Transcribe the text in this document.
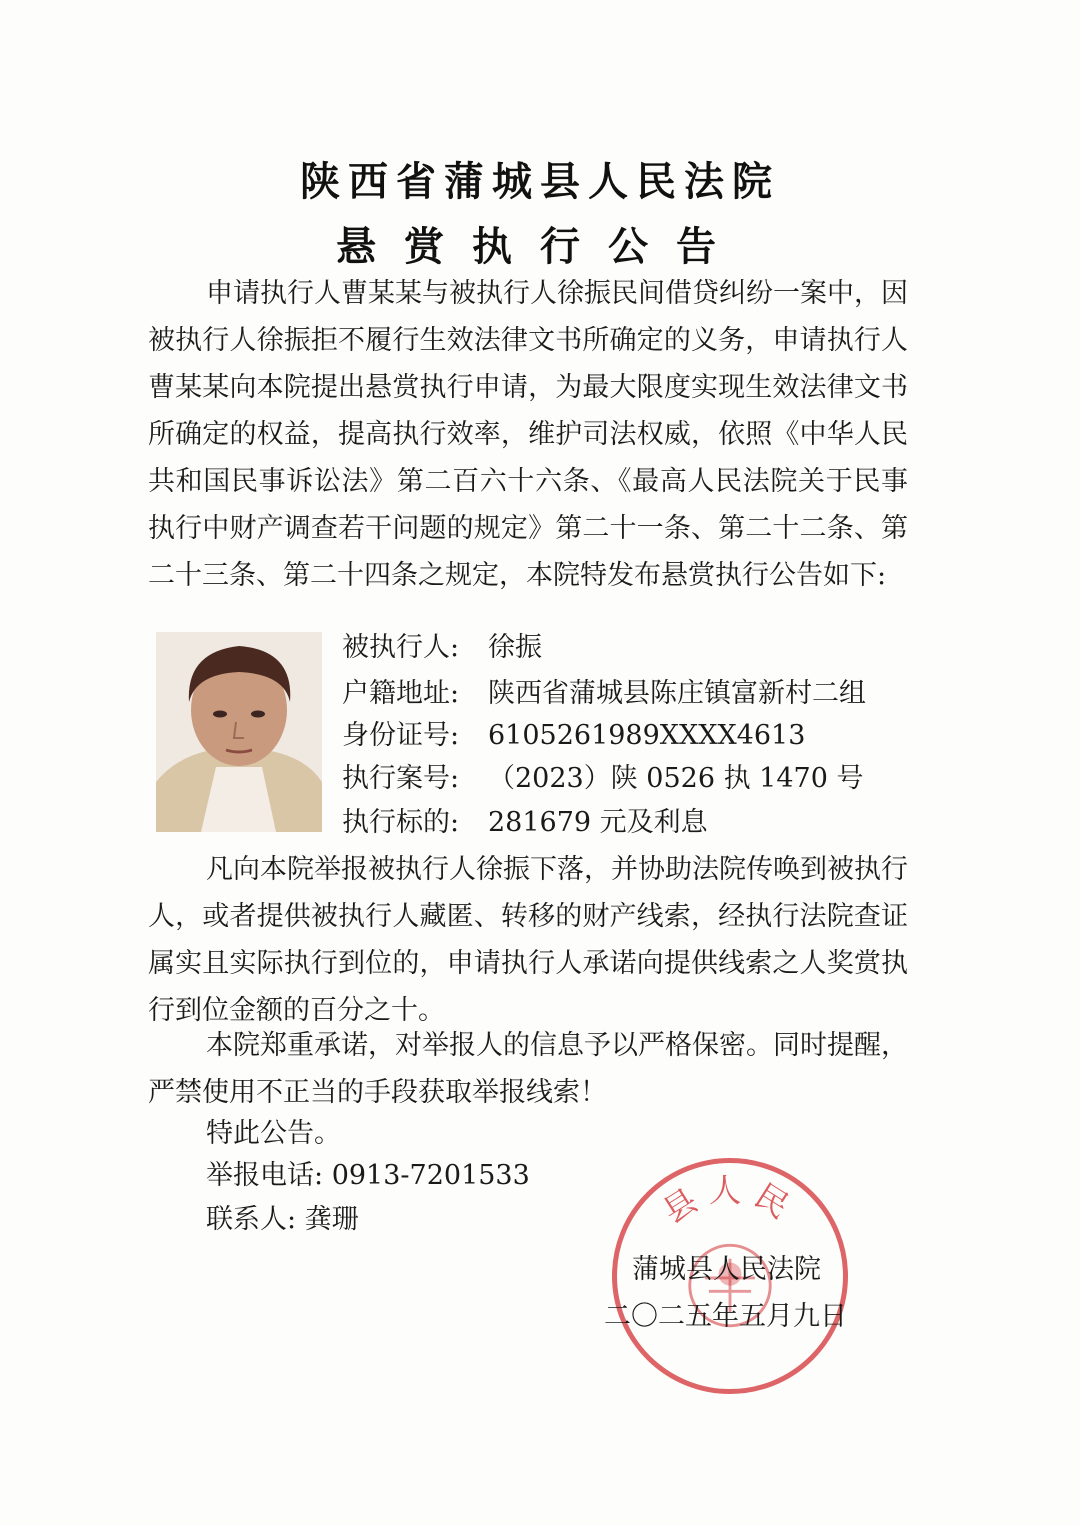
陕西省蒲城县人民法院
悬赏执行公告

申请执行人曹某某与被执行人徐振民间借贷纠纷一案中，因被执行人徐振拒不履行生效法律文书所确定的义务，申请执行人曹某某向本院提出悬赏执行申请，为最大限度实现生效法律文书所确定的权益，提高执行效率，维护司法权威，依照《中华人民共和国民事诉讼法》第二百六十六条、《最高人民法院关于民事执行中财产调查若干问题的规定》第二十一条、第二十二条、第二十三条、第二十四条之规定，本院特发布悬赏执行公告如下:

被执行人: 徐振
户籍地址: 陕西省蒲城县陈庄镇富新村二组
身份证号: 6105261989XXXX4613
执行案号: （2023）陕 0526 执 1470 号
执行标的: 281679 元及利息

凡向本院举报被执行人徐振下落，并协助法院传唤到被执行人，或者提供被执行人藏匿、转移的财产线索，经执行法院查证属实且实际执行到位的，申请执行人承诺向提供线索之人奖赏执行到位金额的百分之十。

本院郑重承诺，对举报人的信息予以严格保密。同时提醒，严禁使用不正当的手段获取举报线索！

特此公告。
举报电话: 0913-7201533
联系人: 龚珊	县人民
蒲城县人民法院
二〇二五年五月九日
